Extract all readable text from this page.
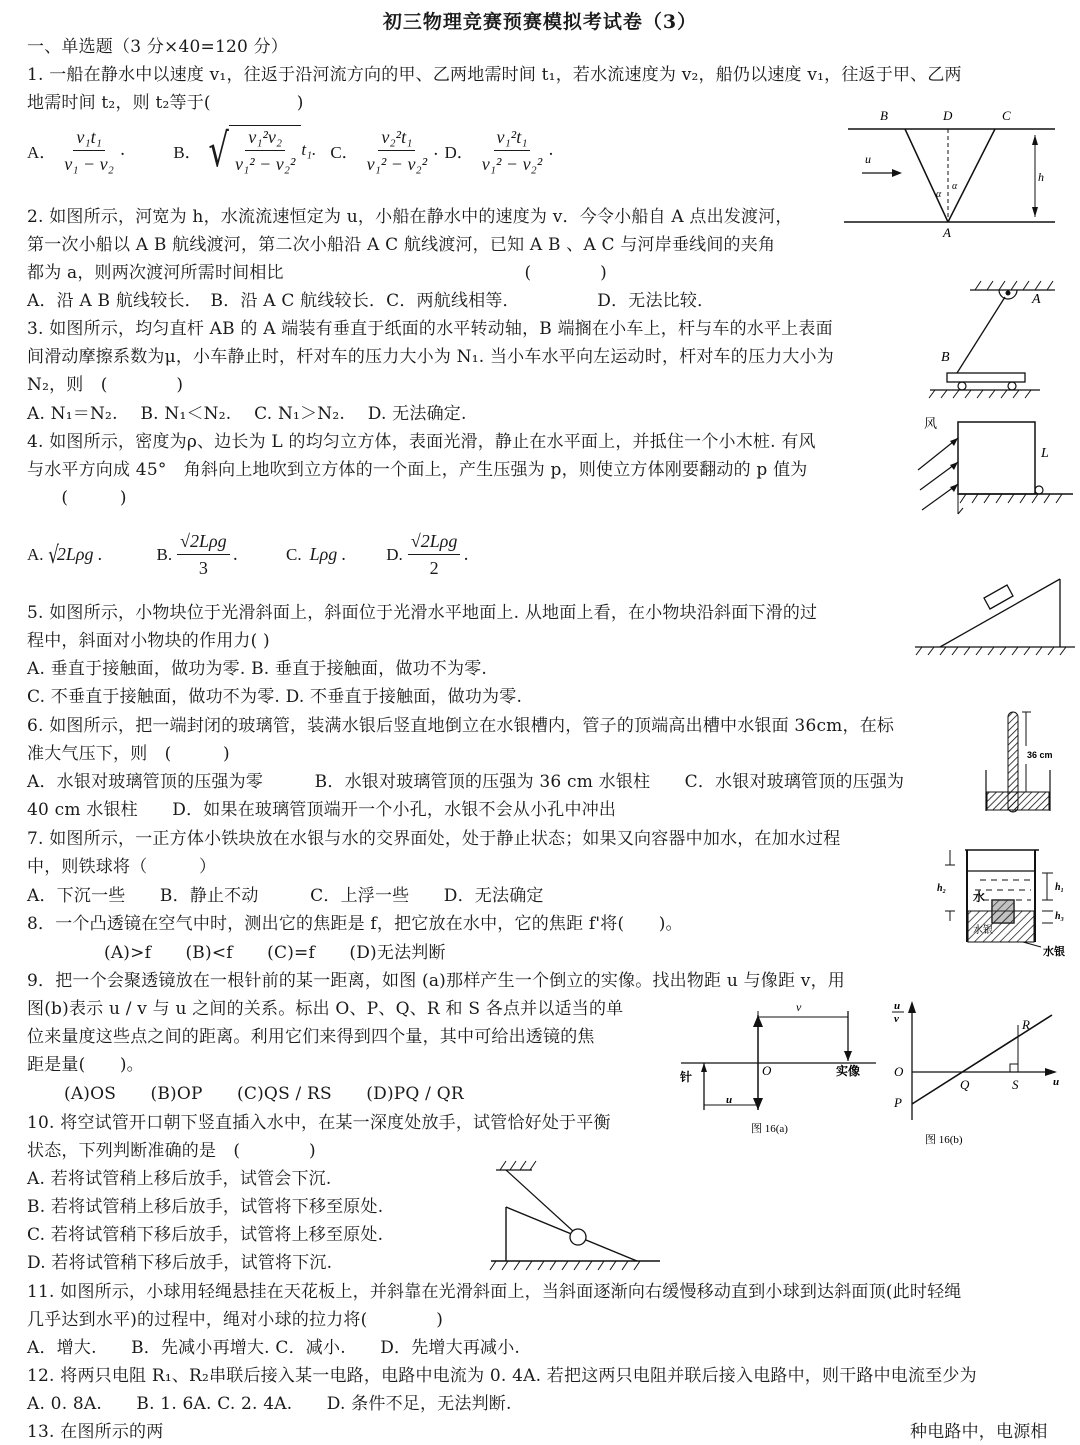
初三物理竞赛预赛模拟考试卷（3）
一、单选题（3 分×40=120 分）
1. 一船在静水中以速度 v₁，往返于沿河流方向的甲、乙两地需时间 t₁，若水流速度为 v₂，船仍以速度 v₁，往返于甲、乙两
地需时间 t₂，则 t₂等于(　　　　　)
A． $\frac{\text{v₁t₁}}{\text{v₁ − v₂}}$ .	B． √ $\frac{\text{v₁²v₂}}{\text{v₁² − v₂²}} t_1$. C． $\frac{\text{v₂²t₁}}{\text{v₁² − v₂²}}$ . D． $\frac{\text{v₁²t₁}}{\text{v₁² − v₂²}}$ .
B	D	C
u
α
α
h
A
2. 如图所示，河宽为 h，水流流速恒定为 u，小船在静水中的速度为 v．今令小船自 A 点出发渡河，
第一次小船以 A B 航线渡河，第二次小船沿 A C 航线渡河，已知 A B 、A C 与河岸垂线间的夹角
都为 a，则两次渡河所需时间相比　　　　　　　　　　　　　　(　　　　)
A．沿 A B 航线较长．　B．沿 A C 航线较长．C．两航线相等．　　　　　D．无法比较．
3. 如图所示，均匀直杆 AB 的 A 端装有垂直于纸面的水平转动轴，B 端搁在小车上，杆与车的水平上表面
间滑动摩擦系数为μ，小车静止时，杆对车的压力大小为 N₁. 当小车水平向左运动时，杆对车的压力大小为
N₂，则　(　　　　)
A. N₁＝N₂.　 B. N₁＜N₂.　 C. N₁＞N₂.　 D. 无法确定.
A
B
4. 如图所示，密度为ρ、边长为 L 的均匀立方体，表面光滑，静止在水平面上，并抵住一个小木桩. 有风
与水平方向成 45°　角斜向上地吹到立方体的一个面上，产生压强为 p，则使立方体刚要翻动的 p 值为
　　(　　　)
A. √
2Lρg .	B. $\frac{\text{√2Lρg}}{3}$ .	C. Lρg . D. $\frac{\text{√2Lρg}}{2}$ .
风
L
5. 如图所示，小物块位于光滑斜面上，斜面位于光滑水平地面上. 从地面上看，在小物块沿斜面下滑的过
程中，斜面对小物块的作用力( )
A. 垂直于接触面，做功为零. B. 垂直于接触面，做功不为零.
C. 不垂直于接触面，做功不为零. D. 不垂直于接触面，做功为零.
6. 如图所示，把一端封闭的玻璃管，装满水银后竖直地倒立在水银槽内，管子的顶端高出槽中水银面 36cm，在标
准大气压下，则　(　　　)
A．水银对玻璃管顶的压强为零　　　B．水银对玻璃管顶的压强为 36 cm 水银柱　　C．水银对玻璃管顶的压强为
40 cm 水银柱　　D．如果在玻璃管顶端开一个小孔，水银不会从小孔中冲出
36 cm
7. 如图所示，一正方体小铁块放在水银与水的交界面处，处于静止状态；如果又向容器中加水，在加水过程
中，则铁球将（　　　）
A．下沉一些　　B．静止不动　　　C．上浮一些　　D．无法确定	h₂
水
h₁
h₃
水银
水银
8．一个凸透镜在空气中时，测出它的焦距是 f，把它放在水中，它的焦距 f'将(　　)。
(A)>f　　(B)<f　　(C)=f　　(D)无法判断
9．把一个会聚透镜放在一根针前的某一距离，如图 (a)那样产生一个倒立的实像。找出物距 u 与像距 v，用
图(b)表示 u / v 与 u 之间的关系。标出 O、P、Q、R 和 S 各点并以适当的单
位来量度这些点之间的距离。利用它们来得到四个量，其中可给出透镜的焦
距是量(　　)。
(A)OS　　(B)OP　　(C)QS / RS　　(D)PQ / QR
v
O
针
u
实像
图 16(a)
u
v	R
O
Q	S	u
P
图 16(b)
10. 将空试管开口朝下竖直插入水中，在某一深度处放手，试管恰好处于平衡
状态，下列判断准确的是　(　　　　)
A. 若将试管稍上移后放手，试管会下沉.
B. 若将试管稍上移后放手，试管将下移至原处.
C. 若将试管稍下移后放手，试管将上移至原处.
D. 若将试管稍下移后放手，试管将下沉.
11. 如图所示，小球用轻绳悬挂在天花板上，并斜靠在光滑斜面上，当斜面逐渐向右缓慢移动直到小球到达斜面顶(此时轻绳
几乎达到水平)的过程中，绳对小球的拉力将(　　　　)
A．增大.　　B．先减小再增大. C．减小.　　D．先增大再减小.
12. 将两只电阻 R₁、R₂串联后接入某一电路，电路中电流为 0. 4A. 若把这两只电阻并联后接入电路中，则干路中电流至少为
A. 0. 8A.　　B. 1. 6A. C. 2. 4A.　　D. 条件不足，无法判断.
13. 在图所示的两	种电路中，电源相
